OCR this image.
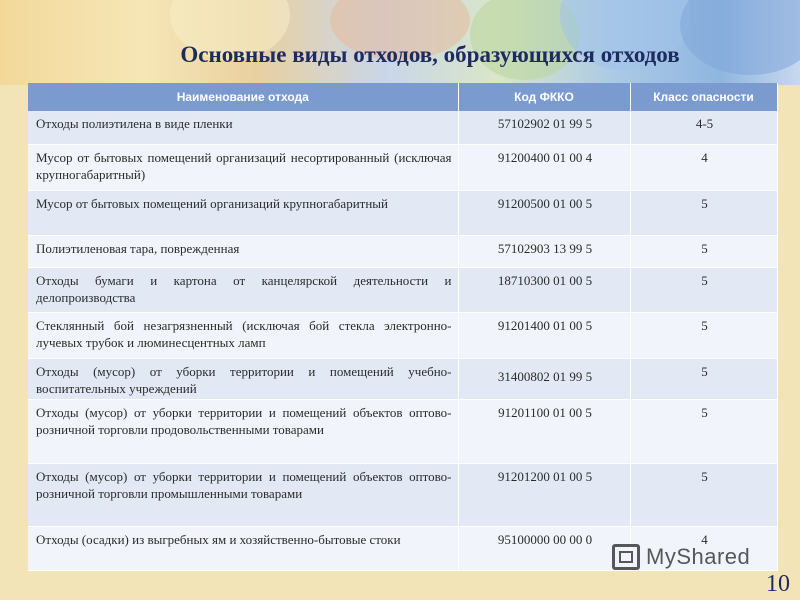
Основные виды отходов, образующихся отходов
Наименование отхода	Код ФККО	Класс опасности
Отходы полиэтилена в виде пленки	57102902 01 99 5	4-5
Мусор от бытовых помещений организаций несортированный (исключая крупногабаритный)	91200400 01 00 4	4
Мусор от бытовых помещений организаций крупногабаритный	91200500 01 00 5	5
Полиэтиленовая тара, поврежденная	57102903 13 99 5	5
Отходы бумаги и картона от канцелярской деятельности и делопроизводства	18710300 01 00 5	5
Стеклянный бой незагрязненный (исключая бой стекла электронно-лучевых трубок и люминесцентных ламп	91201400 01 00 5	5
Отходы (мусор) от уборки территории и помещений учебно-воспитательных учреждений	31400802 01 99 5	5
Отходы (мусор) от уборки территории и помещений объектов оптово-розничной торговли продовольственными товарами	91201100 01 00 5	5
Отходы (мусор) от уборки территории и помещений объектов оптово-розничной торговли промышленными товарами	91201200 01 00 5	5
Отходы (осадки) из выгребных ям и хозяйственно-бытовые стоки	95100000 00 00 0	4
MyShared
10
